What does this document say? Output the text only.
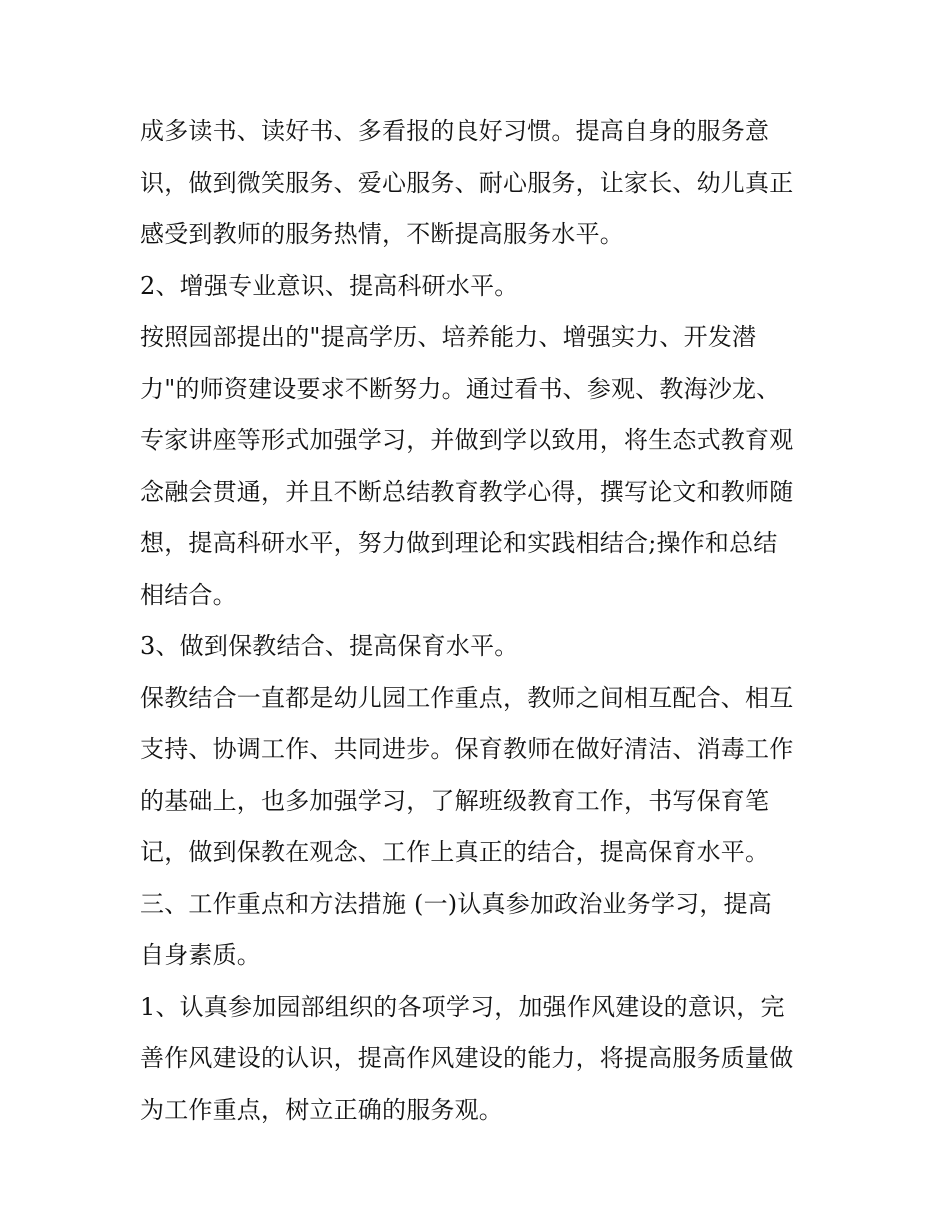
成多读书、读好书、多看报的良好习惯。提高自身的服务意
识，做到微笑服务、爱心服务、耐心服务，让家长、幼儿真正
感受到教师的服务热情，不断提高服务水平。
2、增强专业意识、提高科研水平。
按照园部提出的"提高学历、培养能力、增强实力、开发潜
力"的师资建设要求不断努力。通过看书、参观、教海沙龙、
专家讲座等形式加强学习，并做到学以致用，将生态式教育观
念融会贯通，并且不断总结教育教学心得，撰写论文和教师随
想，提高科研水平，努力做到理论和实践相结合;操作和总结
相结合。
3、做到保教结合、提高保育水平。
保教结合一直都是幼儿园工作重点，教师之间相互配合、相互
支持、协调工作、共同进步。保育教师在做好清洁、消毒工作
的基础上，也多加强学习，了解班级教育工作，书写保育笔
记，做到保教在观念、工作上真正的结合，提高保育水平。
三、工作重点和方法措施 (一)认真参加政治业务学习，提高
自身素质。
1、认真参加园部组织的各项学习，加强作风建设的意识，完
善作风建设的认识，提高作风建设的能力，将提高服务质量做
为工作重点，树立正确的服务观。
